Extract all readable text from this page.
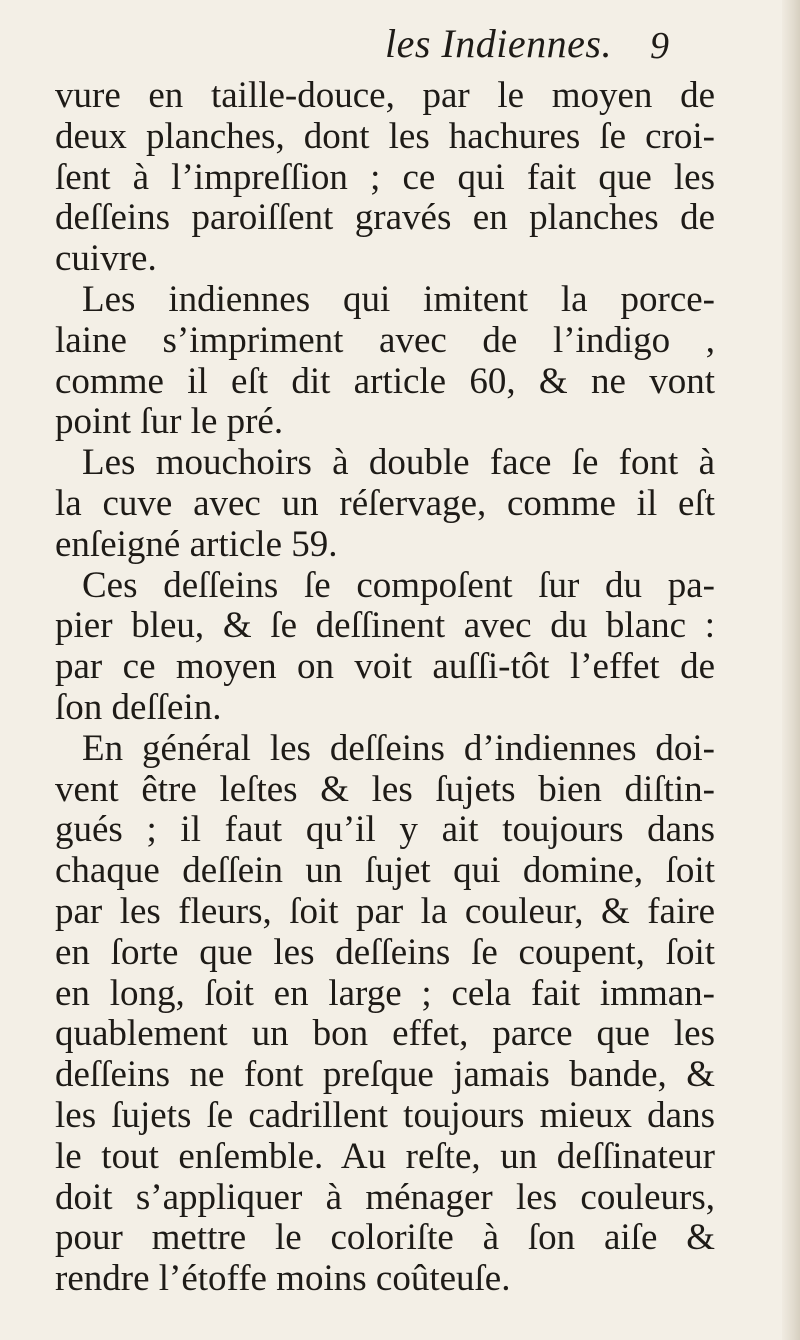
les Indiennes. 9
vure en taille-douce, par le moyen de
deux planches, dont les hachures ſe croi-
ſent à l’impreſſion ; ce qui fait que les
deſſeins paroiſſent gravés en planches de
cuivre.
Les indiennes qui imitent la porce-
laine s’impriment avec de l’indigo ,
comme il eſt dit article 60, & ne vont
point ſur le pré.
Les mouchoirs à double face ſe font à
la cuve avec un réſervage, comme il eſt
enſeigné article 59.
Ces deſſeins ſe compoſent ſur du pa-
pier bleu, & ſe deſſinent avec du blanc :
par ce moyen on voit auſſi-tôt l’effet de
ſon deſſein.
En général les deſſeins d’indiennes doi-
vent être leſtes & les ſujets bien diſtin-
gués ; il faut qu’il y ait toujours dans
chaque deſſein un ſujet qui domine, ſoit
par les fleurs, ſoit par la couleur, & faire
en ſorte que les deſſeins ſe coupent, ſoit
en long, ſoit en large ; cela fait imman-
quablement un bon effet, parce que les
deſſeins ne font preſque jamais bande, &
les ſujets ſe cadrillent toujours mieux dans
le tout enſemble. Au reſte, un deſſinateur
doit s’appliquer à ménager les couleurs,
pour mettre le coloriſte à ſon aiſe &
rendre l’étoffe moins coûteuſe.
